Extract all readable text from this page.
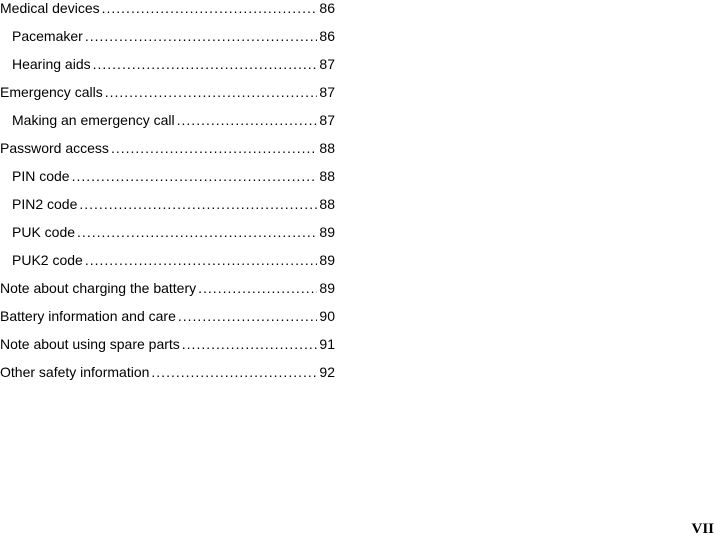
Medical devices .....	86
Pacemaker .....	86
Hearing aids .....	87
Emergency calls .....	87
Making an emergency call .....	87
Password access .....	88
PIN code .....	88
PIN2 code .....	88
PUK code .....	89
PUK2 code .....	89
Note about charging the battery .....	89
Battery information and care .....	90
Note about using spare parts .....	91
Other safety information .....	92
VII
